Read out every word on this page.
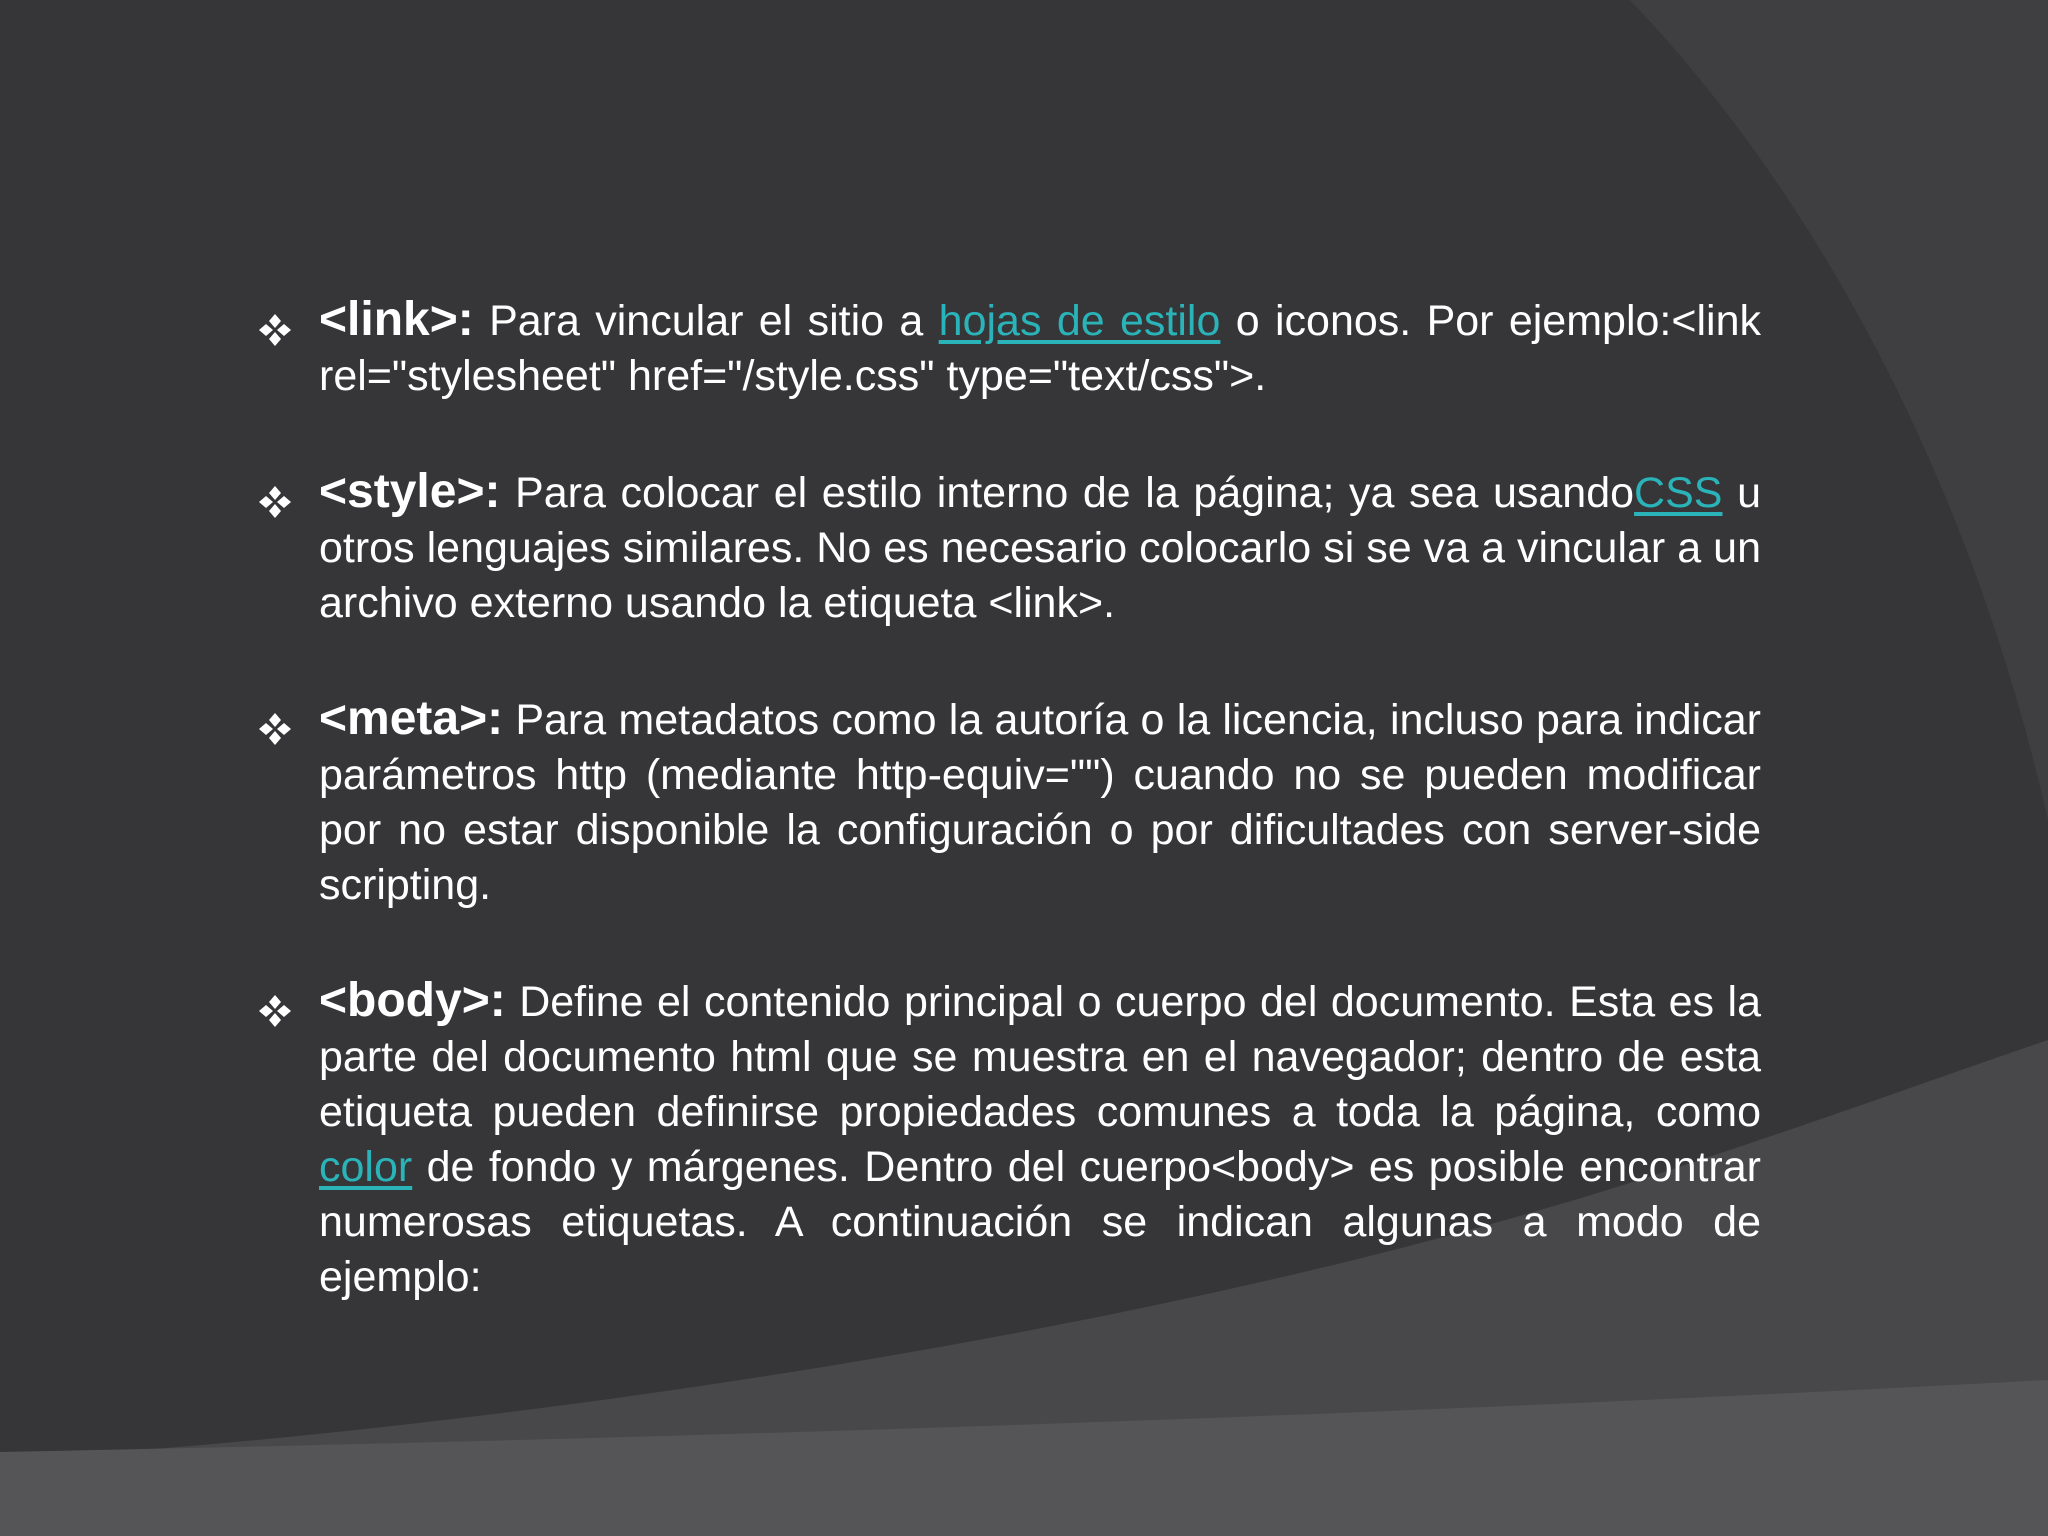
<link>: Para vincular el sitio a hojas de estilo o iconos. Por ejemplo:<link rel="stylesheet" href="/style.css" type="text/css">.
<style>: Para colocar el estilo interno de la página; ya sea usandoCSS u otros lenguajes similares. No es necesario colocarlo si se va a vincular a un archivo externo usando la etiqueta <link>.
<meta>: Para metadatos como la autoría o la licencia, incluso para indicar parámetros http (mediante http-equiv="") cuando no se pueden modificar por no estar disponible la configuración o por dificultades con server-side scripting.
<body>: Define el contenido principal o cuerpo del documento. Esta es la parte del documento html que se muestra en el navegador; dentro de esta etiqueta pueden definirse propiedades comunes a toda la página, como color de fondo y márgenes. Dentro del cuerpo<body> es posible encontrar numerosas etiquetas. A continuación se indican algunas a modo de ejemplo:
